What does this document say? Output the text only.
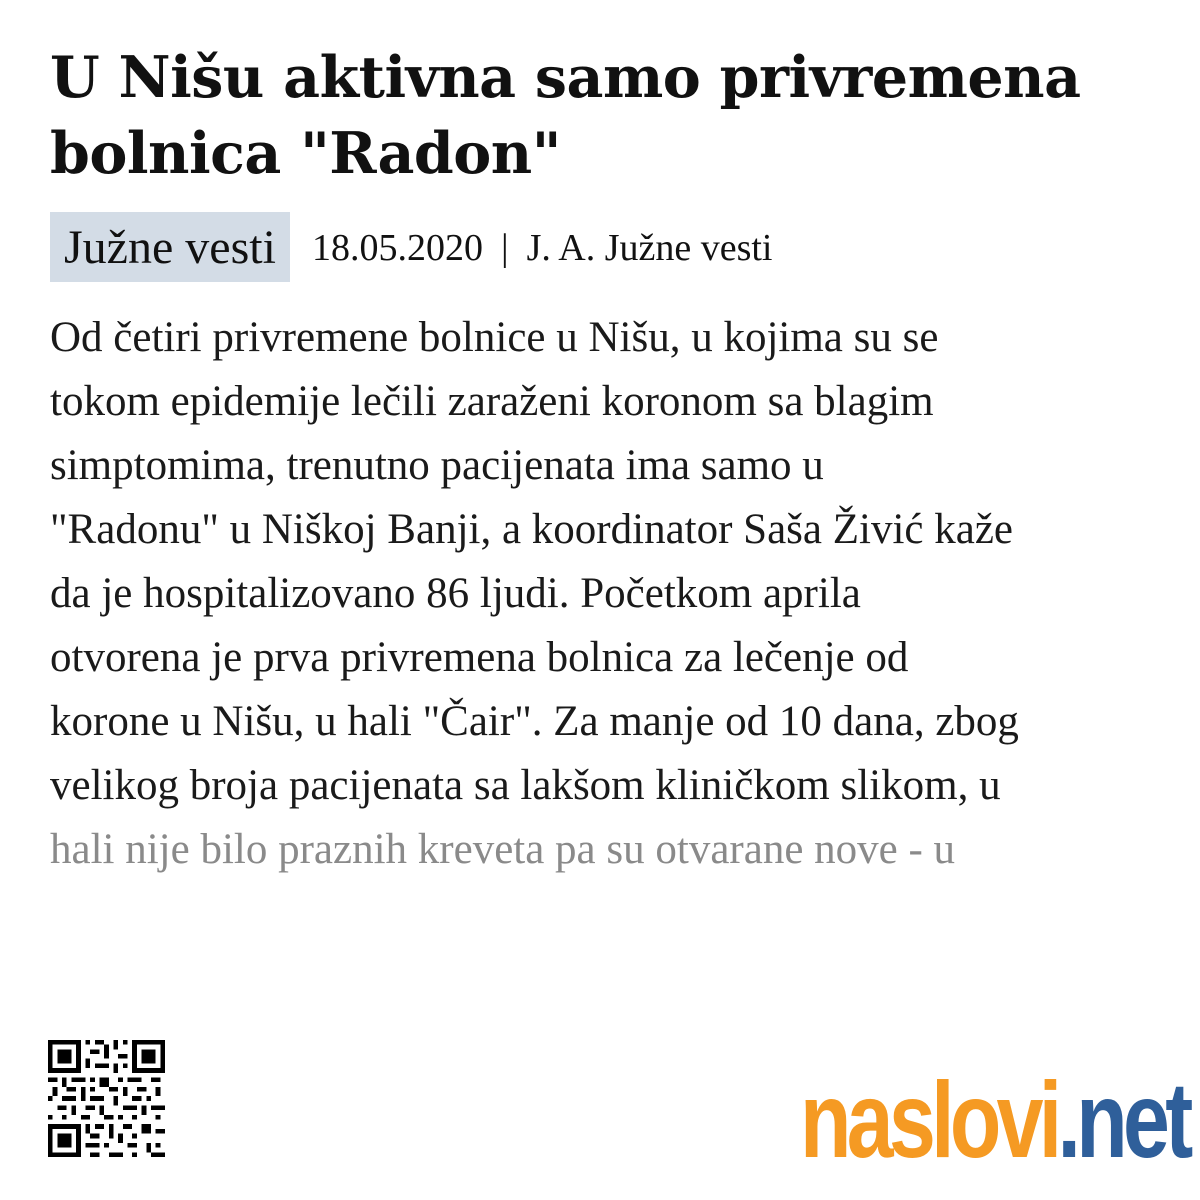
U Nišu aktivna samo privremena bolnica "Radon"
Južne vesti 18.05.2020 | J. A. Južne vesti
Od četiri privremene bolnice u Nišu, u kojima su se
tokom epidemije lečili zaraženi koronom sa blagim
simptomima, trenutno pacijenata ima samo u
"Radonu" u Niškoj Banji, a koordinator Saša Živić kaže
da je hospitalizovano 86 ljudi. Početkom aprila
otvorena je prva privremena bolnica za lečenje od
korone u Nišu, u hali "Čair". Za manje od 10 dana, zbog
velikog broja pacijenata sa lakšom kliničkom slikom, u
hali nije bilo praznih kreveta pa su otvarane nove - u
naslovi .net
